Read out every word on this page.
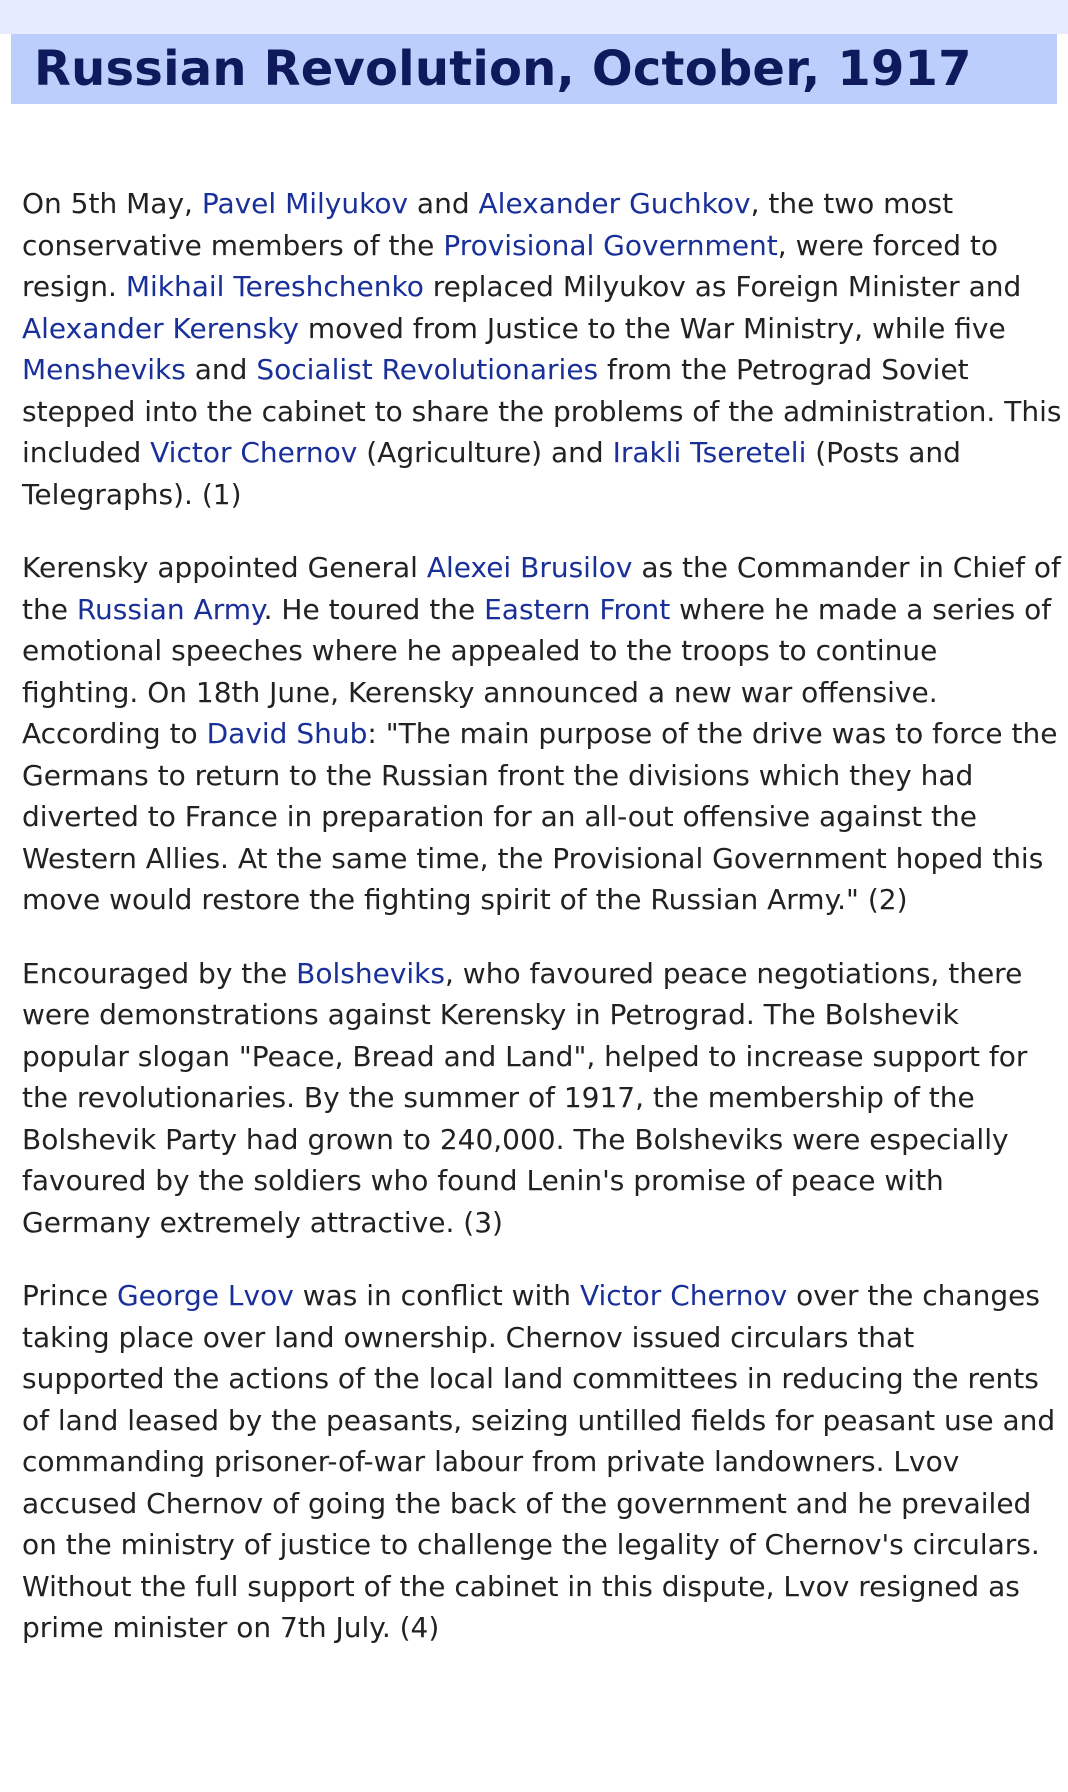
Russian Revolution, October, 1917

On 5th May, Pavel Milyukov and Alexander Guchkov, the two most conservative members of the Provisional Government, were forced to resign. Mikhail Tereshchenko replaced Milyukov as Foreign Minister and Alexander Kerensky moved from Justice to the War Ministry, while five Mensheviks and Socialist Revolutionaries from the Petrograd Soviet stepped into the cabinet to share the problems of the administration. This included Victor Chernov (Agriculture) and Irakli Tsereteli (Posts and Telegraphs). (1)

Kerensky appointed General Alexei Brusilov as the Commander in Chief of the Russian Army. He toured the Eastern Front where he made a series of emotional speeches where he appealed to the troops to continue fighting. On 18th June, Kerensky announced a new war offensive. According to David Shub: "The main purpose of the drive was to force the Germans to return to the Russian front the divisions which they had diverted to France in preparation for an all-out offensive against the Western Allies. At the same time, the Provisional Government hoped this move would restore the fighting spirit of the Russian Army." (2)

Encouraged by the Bolsheviks, who favoured peace negotiations, there were demonstrations against Kerensky in Petrograd. The Bolshevik popular slogan "Peace, Bread and Land", helped to increase support for the revolutionaries. By the summer of 1917, the membership of the Bolshevik Party had grown to 240,000. The Bolsheviks were especially favoured by the soldiers who found Lenin's promise of peace with Germany extremely attractive. (3)

Prince George Lvov was in conflict with Victor Chernov over the changes taking place over land ownership. Chernov issued circulars that supported the actions of the local land committees in reducing the rents of land leased by the peasants, seizing untilled fields for peasant use and commanding prisoner-of-war labour from private landowners. Lvov accused Chernov of going the back of the government and he prevailed on the ministry of justice to challenge the legality of Chernov's circulars. Without the full support of the cabinet in this dispute, Lvov resigned as prime minister on 7th July. (4)
